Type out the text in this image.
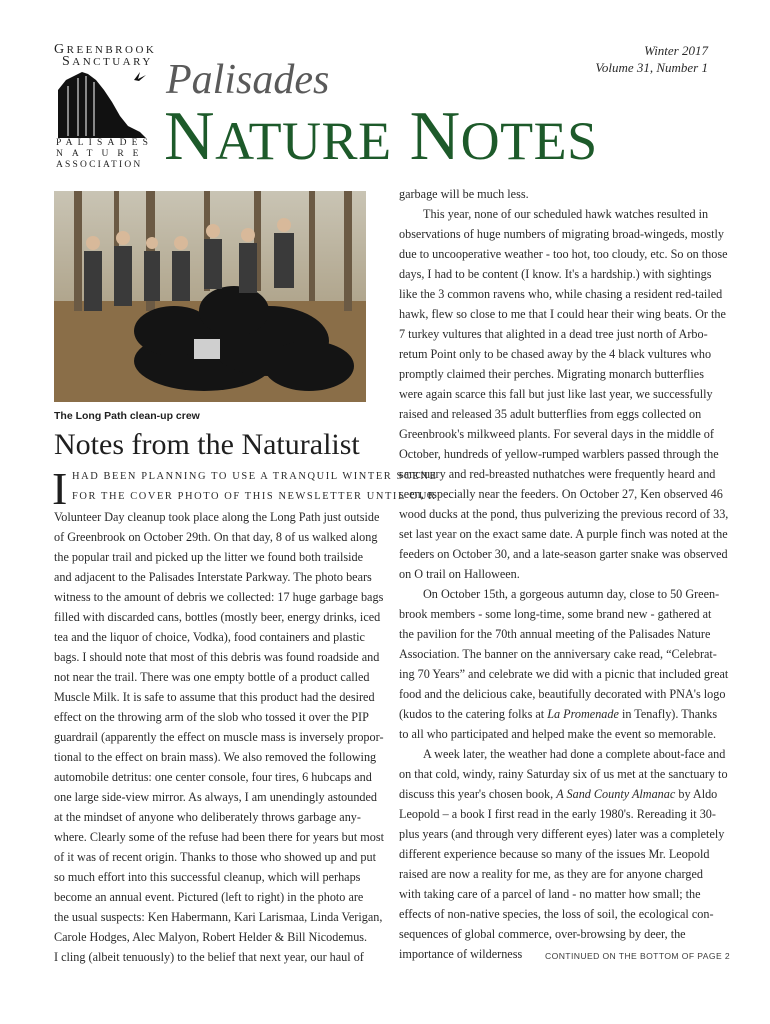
GREENBROOK
SANCTUARY
PALISADES
NATURE
ASSOCIATION
Palisades
NATURE NOTES
Winter 2017
Volume 31, Number 1
The Long Path clean-up crew
Notes from the Naturalist
I HAD BEEN PLANNING TO USE A TRANQUIL WINTER SCENE
FOR THE COVER PHOTO OF THIS NEWSLETTER UNTIL OUR
Volunteer Day cleanup took place along the Long Path just outside
of Greenbrook on October 29th. On that day, 8 of us walked along
the popular trail and picked up the litter we found both trailside
and adjacent to the Palisades Interstate Parkway. The photo bears
witness to the amount of debris we collected: 17 huge garbage bags
filled with discarded cans, bottles (mostly beer, energy drinks, iced
tea and the liquor of choice, Vodka), food containers and plastic
bags. I should note that most of this debris was found roadside and
not near the trail. There was one empty bottle of a product called
Muscle Milk. It is safe to assume that this product had the desired
effect on the throwing arm of the slob who tossed it over the PIP
guardrail (apparently the effect on muscle mass is inversely propor-
tional to the effect on brain mass). We also removed the following
automobile detritus: one center console, four tires, 6 hubcaps and
one large side-view mirror. As always, I am unendingly astounded
at the mindset of anyone who deliberately throws garbage any-
where. Clearly some of the refuse had been there for years but most
of it was of recent origin. Thanks to those who showed up and put
so much effort into this successful cleanup, which will perhaps
become an annual event. Pictured (left to right) in the photo are
the usual suspects: Ken Habermann, Kari Larismaa, Linda Verigan,
Carole Hodges, Alec Malyon, Robert Helder & Bill Nicodemus.
I cling (albeit tenuously) to the belief that next year, our haul of
garbage will be much less.
This year, none of our scheduled hawk watches resulted in
observations of huge numbers of migrating broad-wingeds, mostly
due to uncooperative weather - too hot, too cloudy, etc. So on those
days, I had to be content (I know. It's a hardship.) with sightings
like the 3 common ravens who, while chasing a resident red-tailed
hawk, flew so close to me that I could hear their wing beats. Or the
7 turkey vultures that alighted in a dead tree just north of Arbo-
retum Point only to be chased away by the 4 black vultures who
promptly claimed their perches. Migrating monarch butterflies
were again scarce this fall but just like last year, we successfully
raised and released 35 adult butterflies from eggs collected on
Greenbrook's milkweed plants. For several days in the middle of
October, hundreds of yellow-rumped warblers passed through the
sanctuary and red-breasted nuthatches were frequently heard and
seen, especially near the feeders. On October 27, Ken observed 46
wood ducks at the pond, thus pulverizing the previous record of 33,
set last year on the exact same date. A purple finch was noted at the
feeders on October 30, and a late-season garter snake was observed
on O trail on Halloween.
On October 15th, a gorgeous autumn day, close to 50 Green-
brook members - some long-time, some brand new - gathered at
the pavilion for the 70th annual meeting of the Palisades Nature
Association. The banner on the anniversary cake read, “Celebrat-
ing 70 Years” and celebrate we did with a picnic that included great
food and the delicious cake, beautifully decorated with PNA's logo
(kudos to the catering folks at La Promenade in Tenafly). Thanks
to all who participated and helped make the event so memorable.
A week later, the weather had done a complete about-face and
on that cold, windy, rainy Saturday six of us met at the sanctuary to
discuss this year's chosen book, A Sand County Almanac by Aldo
Leopold – a book I first read in the early 1980's. Rereading it 30-
plus years (and through very different eyes) later was a completely
different experience because so many of the issues Mr. Leopold
raised are now a reality for me, as they are for anyone charged
with taking care of a parcel of land - no matter how small; the
effects of non-native species, the loss of soil, the ecological con-
sequences of global commerce, over-browsing by deer, the
importance of wilderness	CONTINUED ON THE BOTTOM OF PAGE 2
